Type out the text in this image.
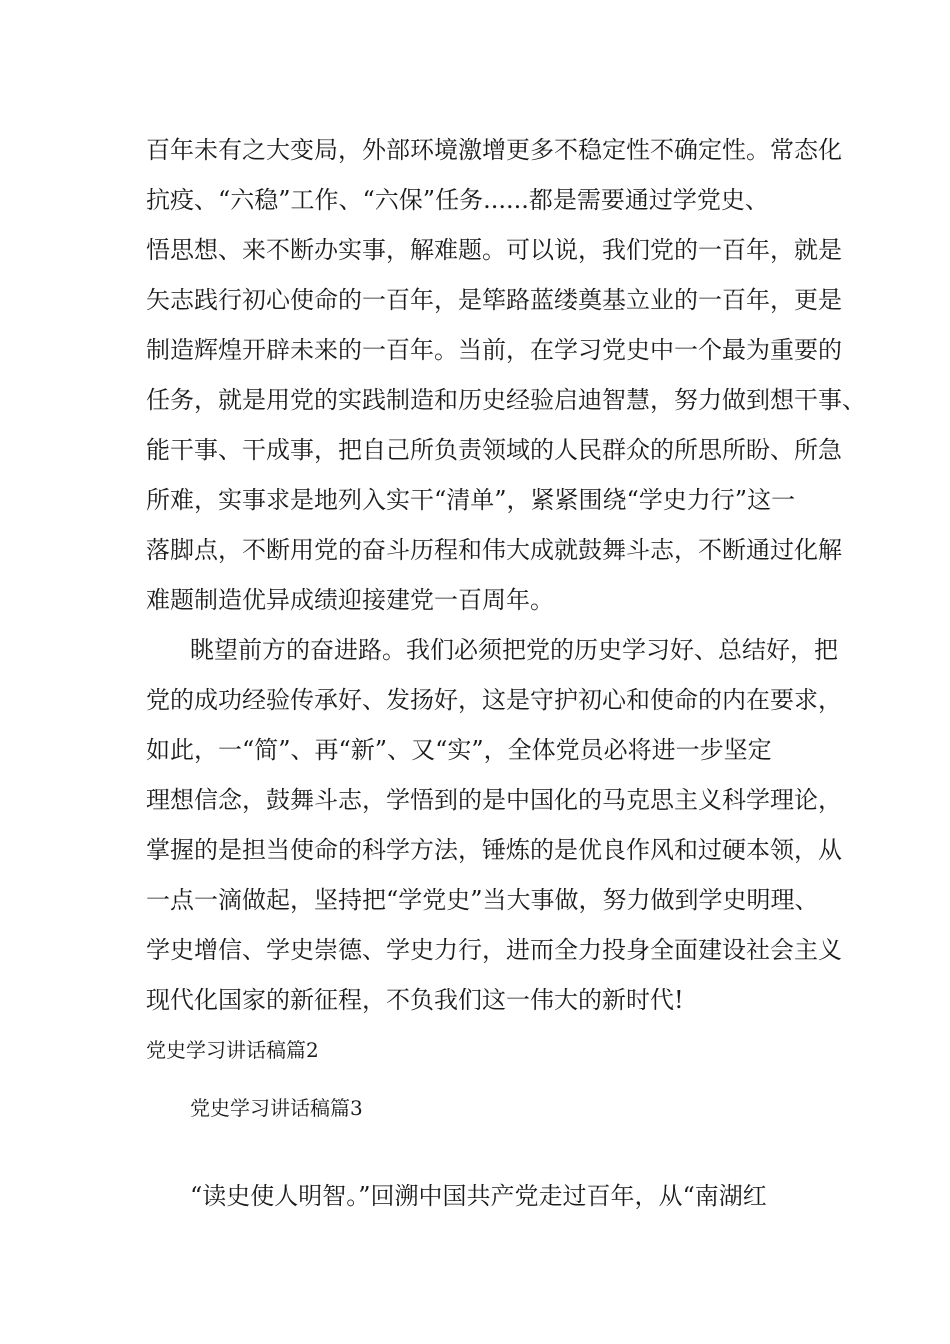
百年未有之大变局，外部环境激增更多不稳定性不确定性。常态化
抗疫、“六稳”工作、“六保”任务......都是需要通过学党史、
悟思想、来不断办实事，解难题。可以说，我们党的一百年，就是
矢志践行初心使命的一百年，是筚路蓝缕奠基立业的一百年，更是
制造辉煌开辟未来的一百年。当前，在学习党史中一个最为重要的
任务，就是用党的实践制造和历史经验启迪智慧，努力做到想干事、
能干事、干成事，把自己所负责领域的人民群众的所思所盼、所急
所难，实事求是地列入实干“清单”，紧紧围绕“学史力行”这一
落脚点，不断用党的奋斗历程和伟大成就鼓舞斗志，不断通过化解
难题制造优异成绩迎接建党一百周年。
眺望前方的奋进路。我们必须把党的历史学习好、总结好，把
党的成功经验传承好、发扬好，这是守护初心和使命的内在要求，
如此，一“简”、再“新”、又“实”，全体党员必将进一步坚定
理想信念，鼓舞斗志，学悟到的是中国化的马克思主义科学理论，
掌握的是担当使命的科学方法，锤炼的是优良作风和过硬本领，从
一点一滴做起，坚持把“学党史”当大事做，努力做到学史明理、
学史增信、学史崇德、学史力行，进而全力投身全面建设社会主义
现代化国家的新征程，不负我们这一伟大的新时代!
党史学习讲话稿篇2
党史学习讲话稿篇3
“读史使人明智。”回溯中国共产党走过百年，从“南湖红
